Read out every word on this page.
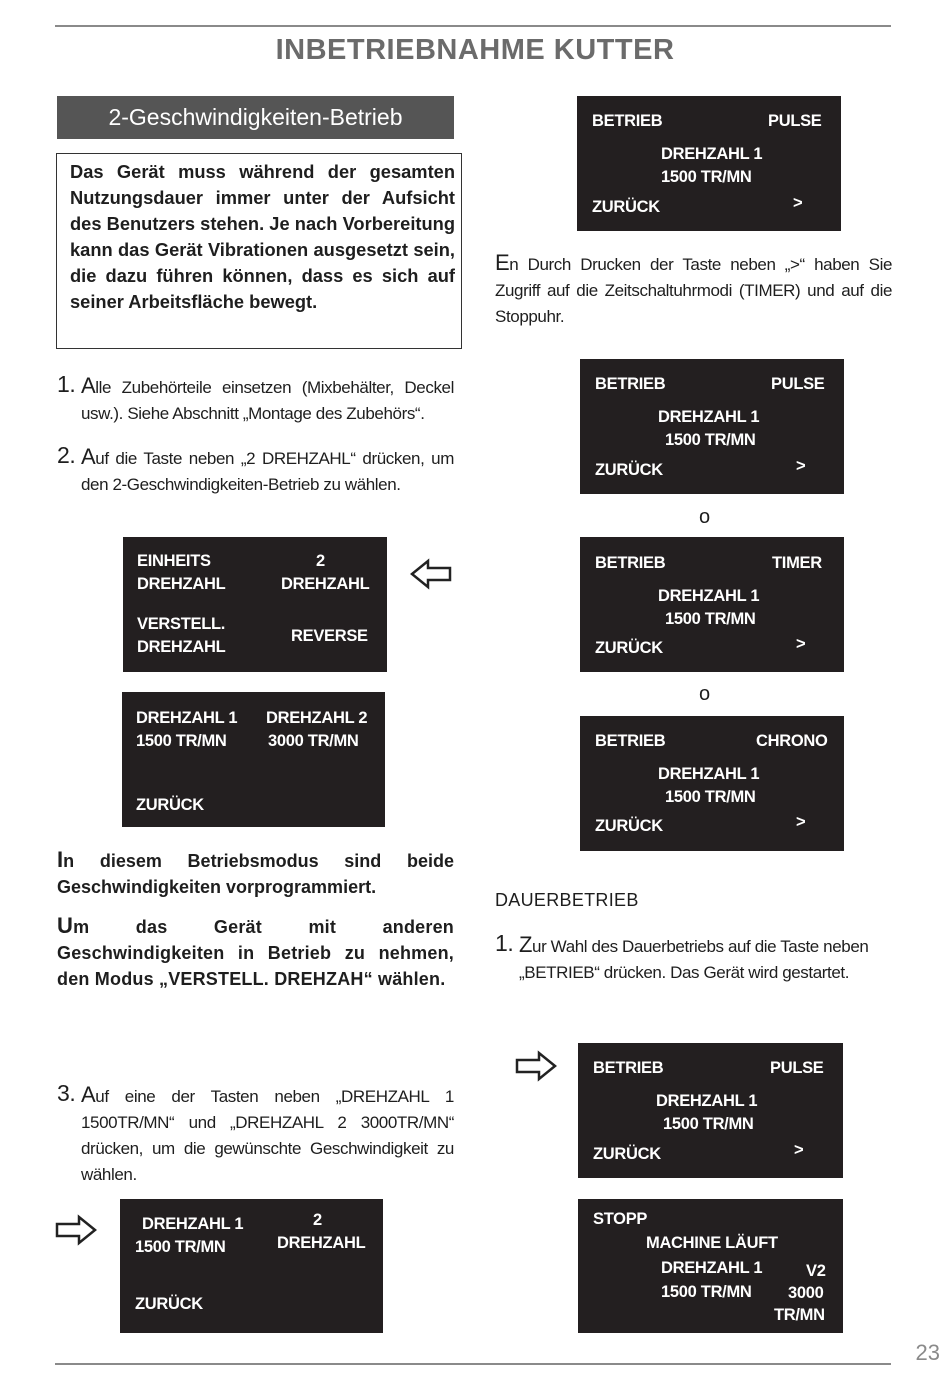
INBETRIEBNAHME KUTTER
2-Geschwindigkeiten-Betrieb
Das Gerät muss während der gesamten Nutzungsdauer immer unter der Aufsicht des Benutzers stehen. Je nach Vorbereitung kann das Gerät Vibrationen ausgesetzt sein, die dazu führen können, dass es sich auf seiner Arbeitsfläche bewegt.
1. Alle Zubehörteile einsetzen (Mixbehälter, Deckel usw.). Siehe Abschnitt „Montage des Zubehörs“.
2. Auf die Taste neben „2 DREHZAHL“ drücken, um den 2-Geschwindigkeiten-Betrieb zu wählen.
EINHEITS
DREHZAHL
2
DREHZAHL
VERSTELL.
DREHZAHL
REVERSE
DREHZAHL 1
1500 TR/MN
DREHZAHL 2
3000 TR/MN
ZURÜCK
In diesem Betriebsmodus sind beide Geschwindigkeiten vorprogrammiert.
Um das Gerät mit anderen Geschwindigkeiten in Betrieb zu nehmen, den Modus „VERSTELL. DREHZAH“ wählen.
3. Auf eine der Tasten neben „DREHZAHL 1 1500TR/MN“ und „DREHZAHL 2 3000TR/MN“ drücken, um die gewünschte Geschwindigkeit zu wählen.
DREHZAHL 1
1500 TR/MN
2
DREHZAHL
ZURÜCK
BETRIEB	PULSE
DREHZAHL 1
1500 TR/MN
ZURÜCK	>
En Durch Drucken der Taste neben „>“ haben Sie Zugriff auf die Zeitschaltuhrmodi (TIMER) und auf die Stoppuhr.
BETRIEB	PULSE
DREHZAHL 1
1500 TR/MN
ZURÜCK	>
o
BETRIEB	TIMER
DREHZAHL 1
1500 TR/MN
ZURÜCK	>
o
BETRIEB	CHRONO
DREHZAHL 1
1500 TR/MN
ZURÜCK	>
DAUERBETRIEB
1. Zur Wahl des Dauerbetriebs auf die Taste neben „BETRIEB“ drücken. Das Gerät wird gestartet.
BETRIEB	PULSE
DREHZAHL 1
1500 TR/MN
ZURÜCK	>
STOPP
MACHINE LÄUFT
DREHZAHL 1
1500 TR/MN
V2
3000
TR/MN
23
